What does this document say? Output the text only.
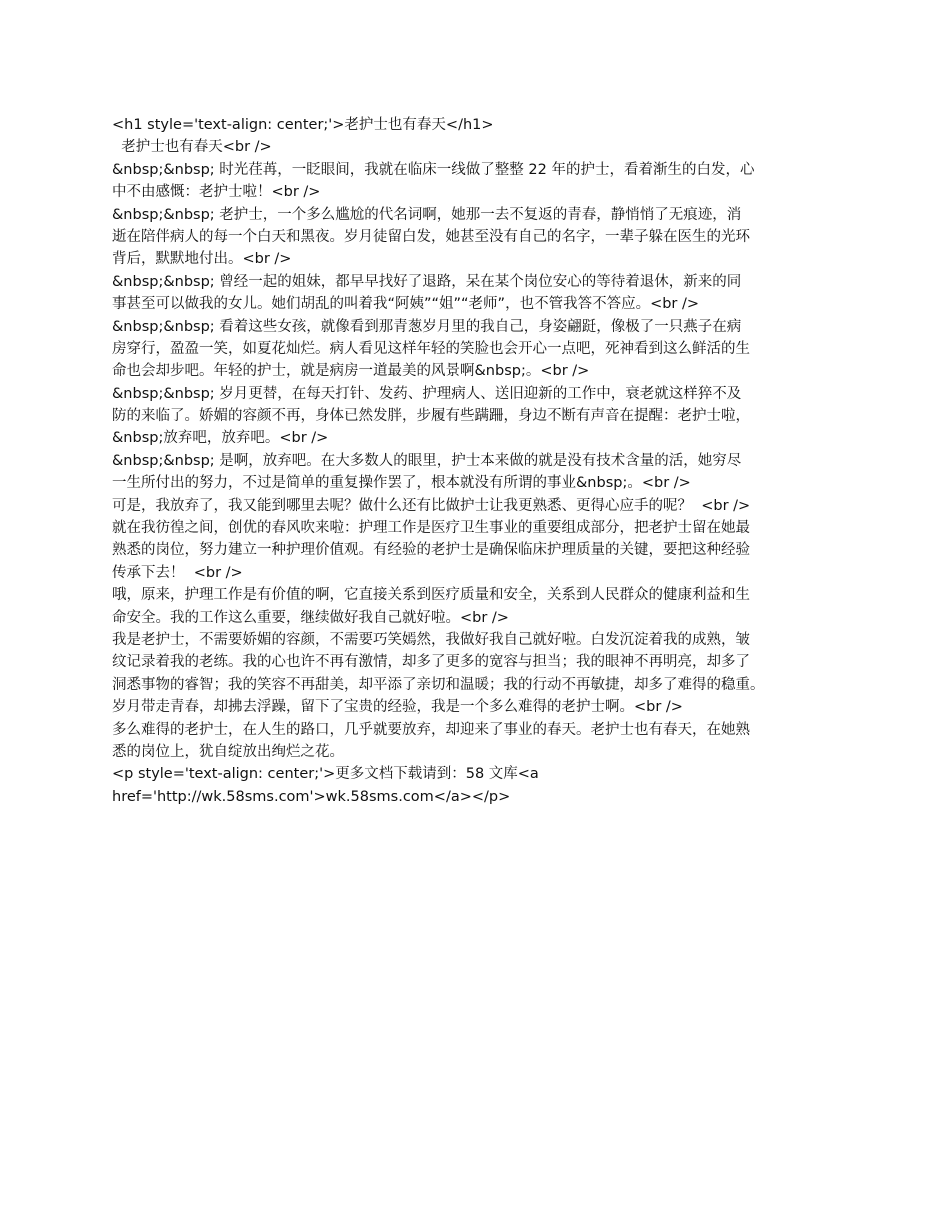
<h1 style='text-align: center;'>老护士也有春天</h1>
老护士也有春天<br />
&nbsp;&nbsp; 时光荏苒，一眨眼间，我就在临床一线做了整整 22 年的护士，看着渐生的白发，心
中不由感慨：老护士啦！<br />
&nbsp;&nbsp; 老护士，一个多么尴尬的代名词啊，她那一去不复返的青春，静悄悄了无痕迹，消
逝在陪伴病人的每一个白天和黑夜。岁月徒留白发，她甚至没有自己的名字，一辈子躲在医生的光环
背后，默默地付出。<br />
&nbsp;&nbsp; 曾经一起的姐妹，都早早找好了退路，呆在某个岗位安心的等待着退休，新来的同
事甚至可以做我的女儿。她们胡乱的叫着我“阿姨”“姐”“老师”，也不管我答不答应。<br />
&nbsp;&nbsp; 看着这些女孩，就像看到那青葱岁月里的我自己，身姿翩跹，像极了一只燕子在病
房穿行，盈盈一笑，如夏花灿烂。病人看见这样年轻的笑脸也会开心一点吧，死神看到这么鲜活的生
命也会却步吧。年轻的护士，就是病房一道最美的风景啊&nbsp;。<br />
&nbsp;&nbsp; 岁月更替，在每天打针、发药、护理病人、送旧迎新的工作中，衰老就这样猝不及
防的来临了。娇媚的容颜不再，身体已然发胖，步履有些蹒跚，身边不断有声音在提醒：老护士啦，
&nbsp;放弃吧，放弃吧。<br />
&nbsp;&nbsp; 是啊，放弃吧。在大多数人的眼里，护士本来做的就是没有技术含量的活，她穷尽
一生所付出的努力，不过是简单的重复操作罢了，根本就没有所谓的事业&nbsp;。<br />
可是，我放弃了，我又能到哪里去呢？做什么还有比做护士让我更熟悉、更得心应手的呢？  <br />
就在我彷徨之间，创优的春风吹来啦：护理工作是医疗卫生事业的重要组成部分，把老护士留在她最
熟悉的岗位，努力建立一种护理价值观。有经验的老护士是确保临床护理质量的关键，要把这种经验
传承下去！  <br />
哦，原来，护理工作是有价值的啊，它直接关系到医疗质量和安全，关系到人民群众的健康利益和生
命安全。我的工作这么重要，继续做好我自己就好啦。<br />
我是老护士，不需要娇媚的容颜，不需要巧笑嫣然，我做好我自己就好啦。白发沉淀着我的成熟，皱
纹记录着我的老练。我的心也许不再有激情，却多了更多的宽容与担当；我的眼神不再明亮，却多了
洞悉事物的睿智；我的笑容不再甜美，却平添了亲切和温暖；我的行动不再敏捷，却多了难得的稳重。
岁月带走青春，却拂去浮躁，留下了宝贵的经验，我是一个多么难得的老护士啊。<br />
多么难得的老护士，在人生的路口，几乎就要放弃，却迎来了事业的春天。老护士也有春天，在她熟
悉的岗位上，犹自绽放出绚烂之花。
<p style='text-align: center;'>更多文档下载请到：58 文库<a
href='http://wk.58sms.com'>wk.58sms.com</a></p>
